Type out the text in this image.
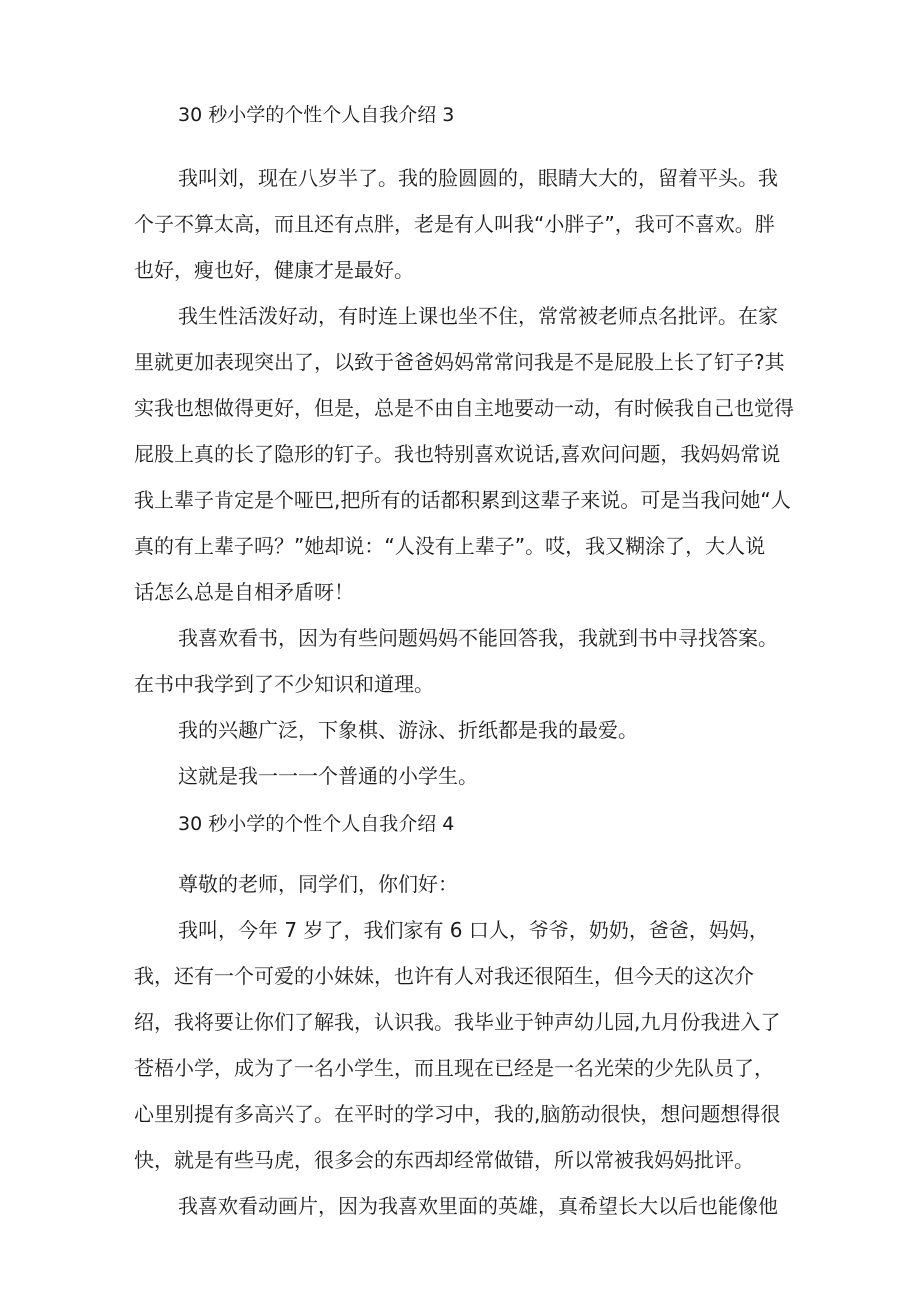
30 秒小学的个性个人自我介绍 3
我叫刘，现在八岁半了。我的脸圆圆的，眼睛大大的，留着平头。我
个子不算太高，而且还有点胖，老是有人叫我“小胖子”，我可不喜欢。胖
也好，瘦也好，健康才是最好。
我生性活泼好动，有时连上课也坐不住，常常被老师点名批评。在家
里就更加表现突出了，以致于爸爸妈妈常常问我是不是屁股上长了钉子?其
实我也想做得更好，但是，总是不由自主地要动一动，有时候我自己也觉得
屁股上真的长了隐形的钉子。我也特别喜欢说话,喜欢问问题，我妈妈常说
我上辈子肯定是个哑巴,把所有的话都积累到这辈子来说。可是当我问她“人
真的有上辈子吗？”她却说：“人没有上辈子”。哎，我又糊涂了，大人说
话怎么总是自相矛盾呀！
我喜欢看书，因为有些问题妈妈不能回答我，我就到书中寻找答案。
在书中我学到了不少知识和道理。
我的兴趣广泛，下象棋、游泳、折纸都是我的最爱。
这就是我一一一个普通的小学生。
30 秒小学的个性个人自我介绍 4
尊敬的老师，同学们，你们好：
我叫，今年 7 岁了，我们家有 6 口人，爷爷，奶奶，爸爸，妈妈，
我，还有一个可爱的小妹妹，也许有人对我还很陌生，但今天的这次介
绍，我将要让你们了解我，认识我。我毕业于钟声幼儿园,九月份我进入了
苍梧小学，成为了一名小学生，而且现在已经是一名光荣的少先队员了，
心里别提有多高兴了。在平时的学习中，我的,脑筋动很快，想问题想得很
快，就是有些马虎，很多会的东西却经常做错，所以常被我妈妈批评。
我喜欢看动画片，因为我喜欢里面的英雄，真希望长大以后也能像他
